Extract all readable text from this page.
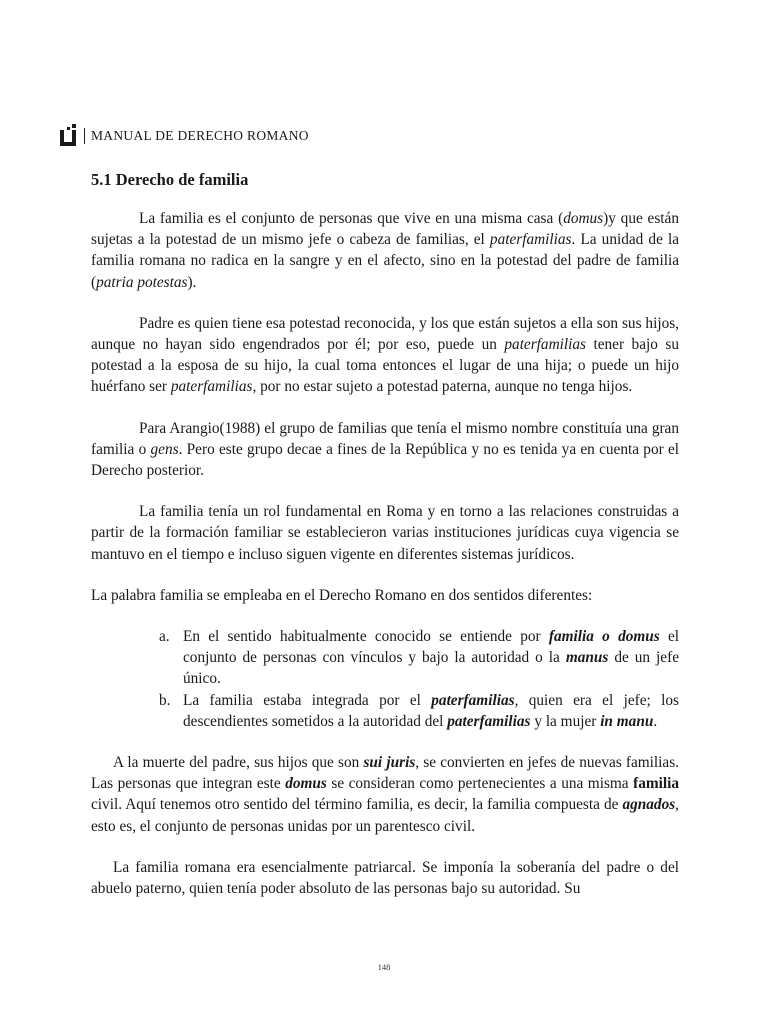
MANUAL DE DERECHO ROMANO
5.1 Derecho de familia

La familia es el conjunto de personas que vive en una misma casa (domus)y que están sujetas a la potestad de un mismo jefe o cabeza de familias, el paterfamilias. La unidad de la familia romana no radica en la sangre y en el afecto, sino en la potestad del padre de familia (patria potestas).

Padre es quien tiene esa potestad reconocida, y los que están sujetos a ella son sus hijos, aunque no hayan sido engendrados por él; por eso, puede un paterfamilias tener bajo su potestad a la esposa de su hijo, la cual toma entonces el lugar de una hija; o puede un hijo huérfano ser paterfamilias, por no estar sujeto a potestad paterna, aunque no tenga hijos.

Para Arangio(1988) el grupo de familias que tenía el mismo nombre constituía una gran familia o gens. Pero este grupo decae a fines de la República y no es tenida ya en cuenta por el Derecho posterior.

La familia tenía un rol fundamental en Roma y en torno a las relaciones construidas a partir de la formación familiar se establecieron varias instituciones jurídicas cuya vigencia se mantuvo en el tiempo e incluso siguen vigente en diferentes sistemas jurídicos.

La palabra familia se empleaba en el Derecho Romano en dos sentidos diferentes:

a. En el sentido habitualmente conocido se entiende por familia o domus el conjunto de personas con vínculos y bajo la autoridad o la manus de un jefe único.
b. La familia estaba integrada por el paterfamilias, quien era el jefe; los descendientes sometidos a la autoridad del paterfamilias y la mujer in manu.

A la muerte del padre, sus hijos que son sui juris, se convierten en jefes de nuevas familias. Las personas que integran este domus se consideran como pertenecientes a una misma familia civil. Aquí tenemos otro sentido del término familia, es decir, la familia compuesta de agnados, esto es, el conjunto de personas unidas por un parentesco civil.

La familia romana era esencialmente patriarcal. Se imponía la soberanía del padre o del abuelo paterno, quien tenía poder absoluto de las personas bajo su autoridad. Su

148
